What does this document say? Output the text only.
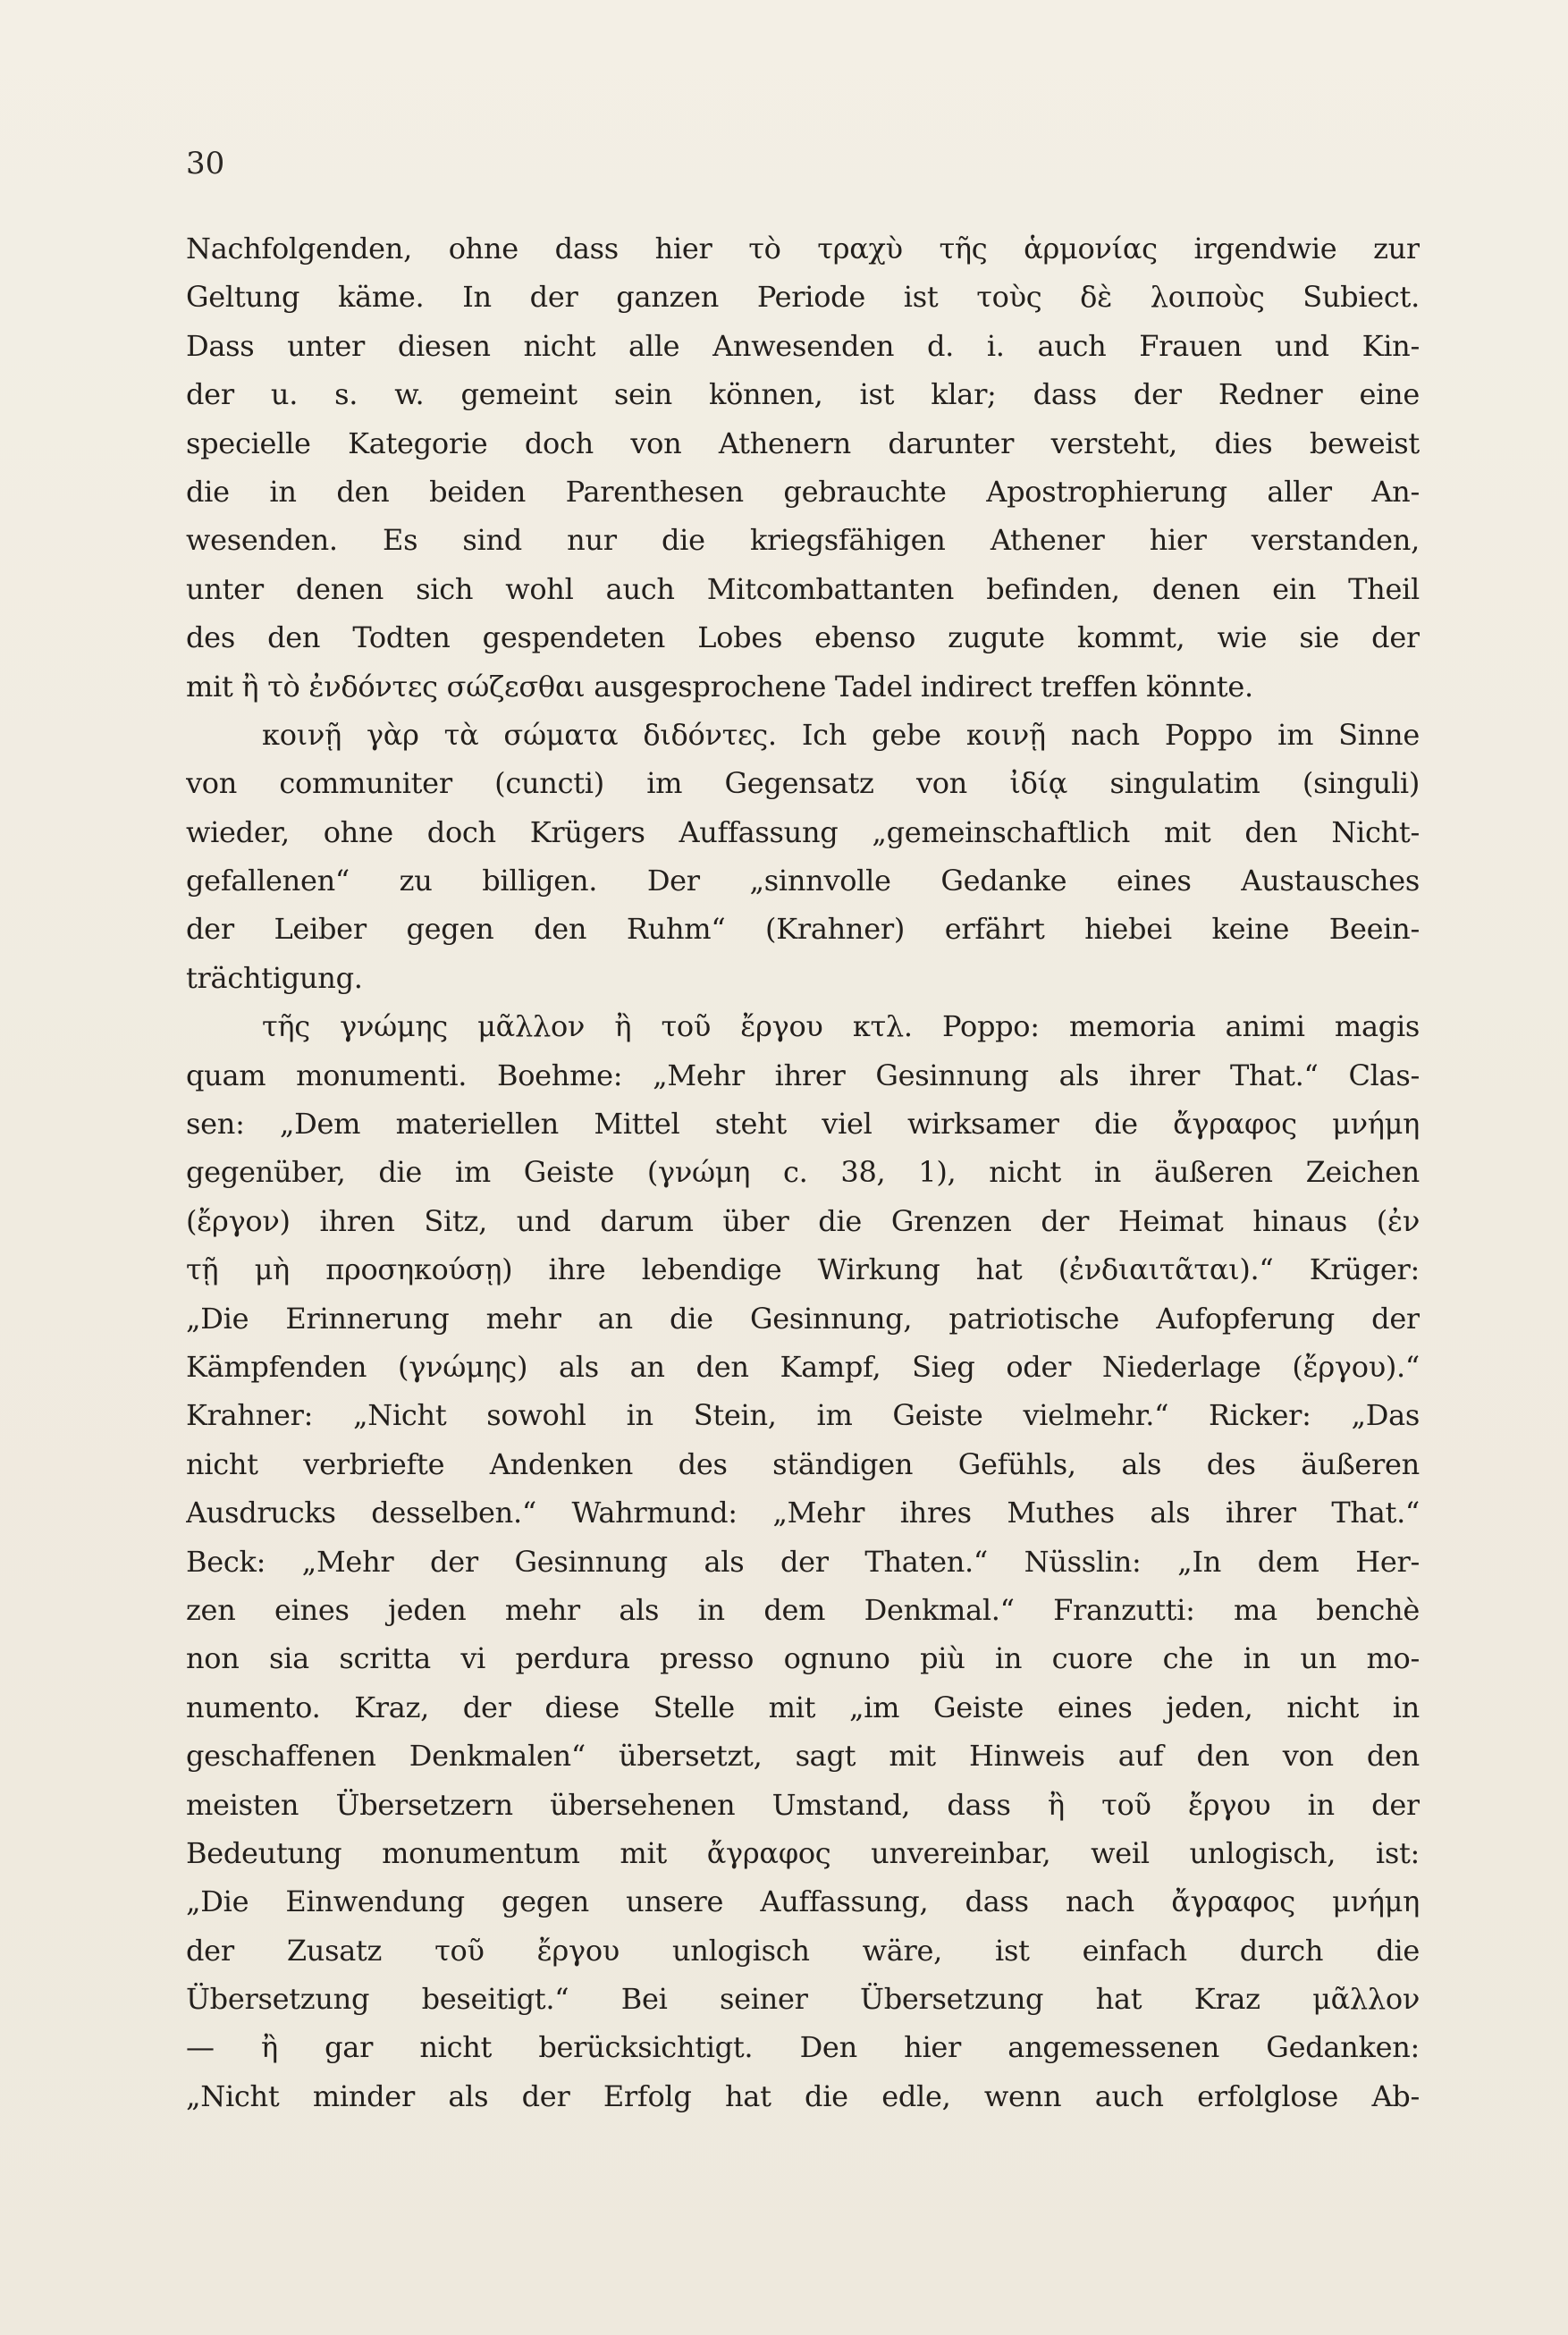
30
Nachfolgenden, ohne dass hier τὸ τραχὺ τῆς ἁρμονίας irgendwie zur
Geltung käme. In der ganzen Periode ist τοὺς δὲ λοιποὺς Subiect.
Dass unter diesen nicht alle Anwesenden d. i. auch Frauen und Kin-
der u. s. w. gemeint sein können, ist klar; dass der Redner eine
specielle Kategorie doch von Athenern darunter versteht, dies beweist
die in den beiden Parenthesen gebrauchte Apostrophierung aller An-
wesenden. Es sind nur die kriegsfähigen Athener hier verstanden,
unter denen sich wohl auch Mitcombattanten befinden, denen ein Theil
des den Todten gespendeten Lobes ebenso zugute kommt, wie sie der
mit ἢ τὸ ἐνδόντες σώζεσθαι ausgesprochene Tadel indirect treffen könnte.
κοινῇ γὰρ τὰ σώματα διδόντες. Ich gebe κοινῇ nach Poppo im Sinne
von communiter (cuncti) im Gegensatz von ἰδίᾳ singulatim (singuli)
wieder, ohne doch Krügers Auffassung „gemeinschaftlich mit den Nicht-
gefallenen“ zu billigen. Der „sinnvolle Gedanke eines Austausches
der Leiber gegen den Ruhm“ (Krahner) erfährt hiebei keine Beein-
trächtigung.
τῆς γνώμης μᾶλλον ἢ τοῦ ἔργου κτλ. Poppo: memoria animi magis
quam monumenti. Boehme: „Mehr ihrer Gesinnung als ihrer That.“ Clas-
sen: „Dem materiellen Mittel steht viel wirksamer die ἄγραφος μνήμη
gegenüber, die im Geiste (γνώμη c. 38, 1), nicht in äußeren Zeichen
(ἔργον) ihren Sitz, und darum über die Grenzen der Heimat hinaus (ἐν
τῇ μὴ προσηκούσῃ) ihre lebendige Wirkung hat (ἐνδιαιτᾶται).“ Krüger:
„Die Erinnerung mehr an die Gesinnung, patriotische Aufopferung der
Kämpfenden (γνώμης) als an den Kampf, Sieg oder Niederlage (ἔργου).“
Krahner: „Nicht sowohl in Stein, im Geiste vielmehr.“ Ricker: „Das
nicht verbriefte Andenken des ständigen Gefühls, als des äußeren
Ausdrucks desselben.“ Wahrmund: „Mehr ihres Muthes als ihrer That.“
Beck: „Mehr der Gesinnung als der Thaten.“ Nüsslin: „In dem Her-
zen eines jeden mehr als in dem Denkmal.“ Franzutti: ma benchè
non sia scritta vi perdura presso ognuno più in cuore che in un mo-
numento. Kraz, der diese Stelle mit „im Geiste eines jeden, nicht in
geschaffenen Denkmalen“ übersetzt, sagt mit Hinweis auf den von den
meisten Übersetzern übersehenen Umstand, dass ἢ τοῦ ἔργου in der
Bedeutung monumentum mit ἄγραφος unvereinbar, weil unlogisch, ist:
„Die Einwendung gegen unsere Auffassung, dass nach ἄγραφος μνήμη
der Zusatz τοῦ ἔργου unlogisch wäre, ist einfach durch die
Übersetzung beseitigt.“ Bei seiner Übersetzung hat Kraz μᾶλλον
— ἢ gar nicht berücksichtigt. Den hier angemessenen Gedanken:
„Nicht minder als der Erfolg hat die edle, wenn auch erfolglose Ab-
